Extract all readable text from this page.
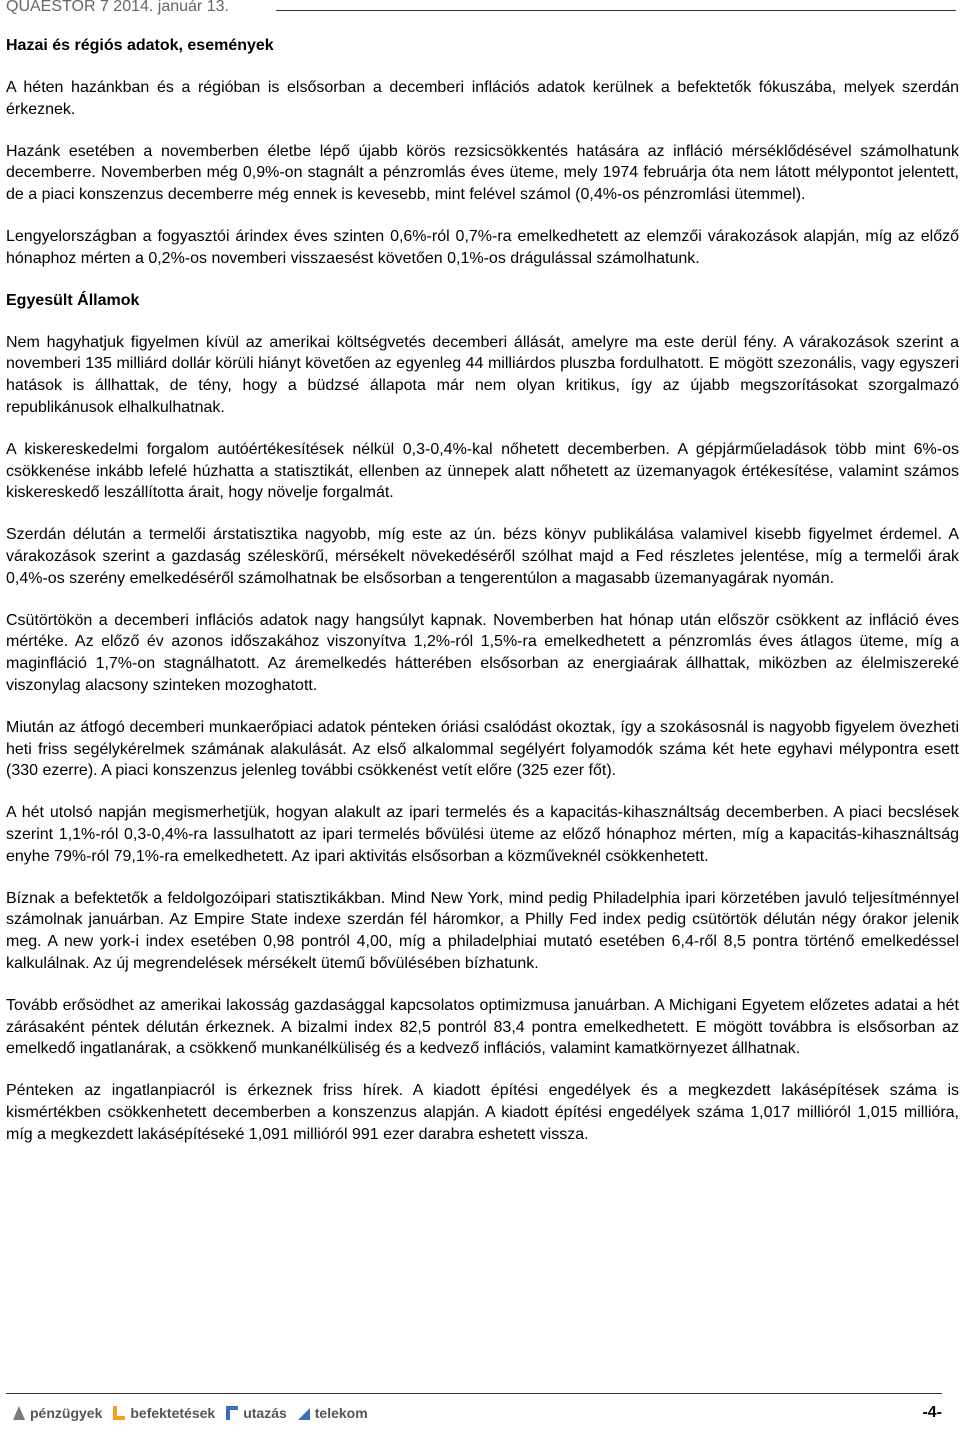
QUAESTOR 7 2014. január 13.
Hazai és régiós adatok, események

A héten hazánkban és a régióban is elsősorban a decemberi inflációs adatok kerülnek a befektetők fókuszába, melyek szerdán érkeznek.

Hazánk esetében a novemberben életbe lépő újabb körös rezsicsökkentés hatására az infláció mérséklődésével számolhatunk decemberre. Novemberben még 0,9%-on stagnált a pénzromlás éves üteme, mely 1974 februárja óta nem látott mélypontot jelentett, de a piaci konszenzus decemberre még ennek is kevesebb, mint felével számol (0,4%-os pénzromlási ütemmel).

Lengyelországban a fogyasztói árindex éves szinten 0,6%-ról 0,7%-ra emelkedhetett az elemzői várakozások alapján, míg az előző hónaphoz mérten a 0,2%-os novemberi visszaesést követően 0,1%-os drágulással számolhatunk.

Egyesült Államok

Nem hagyhatjuk figyelmen kívül az amerikai költségvetés decemberi állását, amelyre ma este derül fény. A várakozások szerint a novemberi 135 milliárd dollár körüli hiányt követően az egyenleg 44 milliárdos pluszba fordulhatott. E mögött szezonális, vagy egyszeri hatások is állhattak, de tény, hogy a büdzsé állapota már nem olyan kritikus, így az újabb megszorításokat szorgalmazó republikánusok elhalkulhatnak.

A kiskereskedelmi forgalom autóértékesítések nélkül 0,3-0,4%-kal nőhetett decemberben. A gépjárműeladások több mint 6%-os csökkenése inkább lefelé húzhatta a statisztikát, ellenben az ünnepek alatt nőhetett az üzemanyagok értékesítése, valamint számos kiskereskedő leszállította árait, hogy növelje forgalmát.

Szerdán délután a termelői árstatisztika nagyobb, míg este az ún. bézs könyv publikálása valamivel kisebb figyelmet érdemel. A várakozások szerint a gazdaság széleskörű, mérsékelt növekedéséről szólhat majd a Fed részletes jelentése, míg a termelői árak 0,4%-os szerény emelkedéséről számolhatnak be elsősorban a tengerentúlon a magasabb üzemanyagárak nyomán.

Csütörtökön a decemberi inflációs adatok nagy hangsúlyt kapnak. Novemberben hat hónap után először csökkent az infláció éves mértéke. Az előző év azonos időszakához viszonyítva 1,2%-ról 1,5%-ra emelkedhetett a pénzromlás éves átlagos üteme, míg a maginfláció 1,7%-on stagnálhatott. Az áremelkedés hátterében elsősorban az energiaárak állhattak, miközben az élelmiszereké viszonylag alacsony szinteken mozoghatott.

Miután az átfogó decemberi munkaerőpiaci adatok pénteken óriási csalódást okoztak, így a szokásosnál is nagyobb figyelem övezheti heti friss segélykérelmek számának alakulását. Az első alkalommal segélyért folyamodók száma két hete egyhavi mélypontra esett (330 ezerre). A piaci konszenzus jelenleg további csökkenést vetít előre (325 ezer főt).

A hét utolsó napján megismerhetjük, hogyan alakult az ipari termelés és a kapacitás-kihasználtság decemberben. A piaci becslések szerint 1,1%-ról 0,3-0,4%-ra lassulhatott az ipari termelés bővülési üteme az előző hónaphoz mérten, míg a kapacitás-kihasználtság enyhe 79%-ról 79,1%-ra emelkedhetett. Az ipari aktivitás elsősorban a közműveknél csökkenhetett.

Bíznak a befektetők a feldolgozóipari statisztikákban. Mind New York, mind pedig Philadelphia ipari körzetében javuló teljesítménnyel számolnak januárban. Az Empire State indexe szerdán fél háromkor, a Philly Fed index pedig csütörtök délután négy órakor jelenik meg. A new york-i index esetében 0,98 pontról 4,00, míg a philadelphiai mutató esetében 6,4-ről 8,5 pontra történő emelkedéssel kalkulálnak. Az új megrendelések mérsékelt ütemű bővülésében bízhatunk.

Tovább erősödhet az amerikai lakosság gazdasággal kapcsolatos optimizmusa januárban. A Michigani Egyetem előzetes adatai a hét zárásaként péntek délután érkeznek. A bizalmi index 82,5 pontról 83,4 pontra emelkedhetett. E mögött továbbra is elsősorban az emelkedő ingatlanárak, a csökkenő munkanélküliség és a kedvező inflációs, valamint kamatkörnyezet állhatnak.

Pénteken az ingatlanpiacról is érkeznek friss hírek. A kiadott építési engedélyek és a megkezdett lakásépítések száma is kismértékben csökkenhetett decemberben a konszenzus alapján. A kiadott építési engedélyek száma 1,017 millióról 1,015 millióra, míg a megkezdett lakásépítéseké 1,091 millióról 991 ezer darabra eshetett vissza.

pénzügyek befektetések utazás telekom	-4-
